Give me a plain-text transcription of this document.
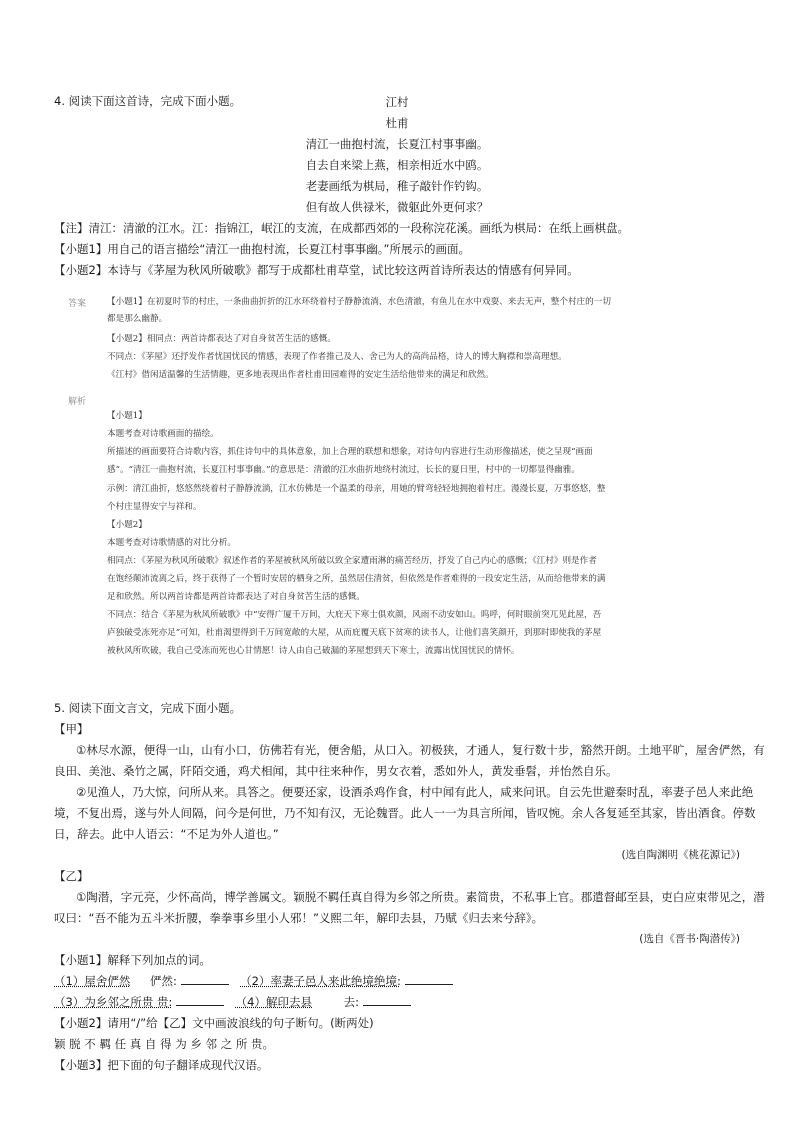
4. 阅读下面这首诗，完成下面小题。	江村
杜甫
清江一曲抱村流，长夏江村事事幽。
自去自来梁上燕，相亲相近水中鸥。
老妻画纸为棋局，稚子敲针作钓钩。
但有故人供禄米，微躯此外更何求？
【注】清江：清澈的江水。江：指锦江，岷江的支流，在成都西郊的一段称浣花溪。画纸为棋局：在纸上画棋盘。
【小题1】用自己的语言描绘“清江一曲抱村流，长夏江村事事幽。”所展示的画面。
【小题2】本诗与《茅屋为秋风所破歌》都写于成都杜甫草堂，试比较这两首诗所表达的情感有何异同。
答案 【小题1】在初夏时节的村庄，一条曲曲折折的江水环绕着村子静静流淌，水色清澈，有鱼儿在水中戏耍、来去无声，整个村庄的一切
都是那么幽静。
【小题2】相同点：两首诗都表达了对自身贫苦生活的感慨。
不同点：《茅屋》还抒发作者忧国忧民的情感，表现了作者推己及人、舍己为人的高尚品格，诗人的博大胸襟和崇高理想。
《江村》借闲适温馨的生活情趣，更多地表现出作者杜甫田园难得的安定生活给他带来的满足和欣然。
解析
【小题1】
本题考查对诗歌画面的描绘。
所描述的画面要符合诗歌内容，抓住诗句中的具体意象，加上合理的联想和想象，对诗句内容进行生动形像描述，使之呈现“画面
感”。“清江一曲抱村流，长夏江村事事幽。”的意思是：清澈的江水曲折地绕村流过，长长的夏日里，村中的一切都显得幽雅。
示例：清江曲折，悠悠然绕着村子静静流淌，江水仿佛是一个温柔的母亲，用她的臂弯轻轻地拥抱着村庄。漫漫长夏，万事悠悠，整
个村庄显得安宁与祥和。
【小题2】
本题考查对诗歌情感的对比分析。
相同点：《茅屋为秋风所破歌》叙述作者的茅屋被秋风所破以致全家遭雨淋的痛苦经历，抒发了自己内心的感慨；《江村》则是作者
在饱经颠沛流离之后，终于获得了一个暂时安居的栖身之所，虽然居住清贫，但依然是作者难得的一段安定生活，从而给他带来的满
足和欣然。所以两首诗都是两首诗都表达了对自身贫苦生活的感慨。
不同点：结合《茅屋为秋风所破歌》中“安得广厦千万间，大庇天下寒士俱欢颜，风雨不动安如山。呜呼，何时眼前突兀见此屋，吾
庐独破受冻死亦足”可知，杜甫渴望得到千万间宽敞的大屋，从而庇覆天底下贫寒的读书人，让他们喜笑颜开，到那时即使我的茅屋
被秋风所吹破，我自己受冻而死也心甘情愿！诗人由自己破漏的茅屋想到天下寒士，流露出忧国忧民的情怀。
5. 阅读下面文言文，完成下面小题。
【甲】
①林尽水源，便得一山，山有小口，仿佛若有光，便舍船，从口入。初极狭，才通人，复行数十步，豁然开朗。土地平旷，屋舍俨然，有
良田、美池、桑竹之属，阡陌交通，鸡犬相闻，其中往来种作，男女衣着，悉如外人，黄发垂髫，并怡然自乐。
②见渔人，乃大惊，问所从来。具答之。便要还家，设酒杀鸡作食，村中闻有此人，咸来问讯。自云先世避秦时乱，率妻子邑人来此绝
境，不复出焉，遂与外人间隔，问今是何世，乃不知有汉，无论魏晋。此人一一为具言所闻，皆叹惋。余人各复延至其家，皆出酒食。停数
日，辞去。此中人语云：“不足为外人道也。”
(选自陶渊明《桃花源记》)
【乙】
①陶潜，字元亮，少怀高尚，博学善属文。颖脱不羁任真自得为乡邻之所贵。素简贵，不私事上官。郡遣督邮至县，吏白应束带见之，潜
叹曰：“吾不能为五斗米折腰，拳拳事乡里小人邪！”义熙二年，解印去县，乃赋《归去来兮辞》。
(选自《晋书·陶潜传》)
【小题1】解释下列加点的词。
（1）屋舍俨然 俨然:	（2）率妻子邑人来此绝境绝境:
（3）为乡邻之所贵 贵:	（4）解印去县	去:
【小题2】请用“/”给【乙】文中画波浪线的句子断句。(断两处)
颖 脱 不 羁 任 真 自 得 为 乡 邻 之 所 贵。
【小题3】把下面的句子翻译成现代汉语。
